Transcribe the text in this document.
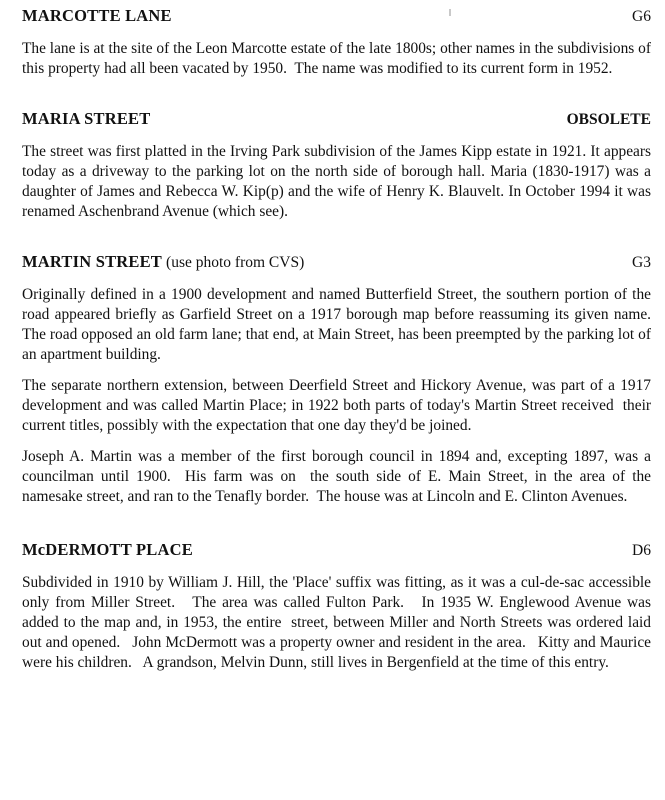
MARCOTTE LANE	G6

The lane is at the site of the Leon Marcotte estate of the late 1800s; other names in the subdivisions of this property had all been vacated by 1950.  The name was modified to its current form in 1952.

MARIA STREET	OBSOLETE

The street was first platted in the Irving Park subdivision of the James Kipp estate in 1921. It appears today as a driveway to the parking lot on the north side of borough hall. Maria (1830-1917) was a daughter of James and Rebecca W. Kip(p) and the wife of Henry K. Blauvelt. In October 1994 it was renamed Aschenbrand Avenue (which see).

MARTIN STREET (use photo from CVS)	G3

Originally defined in a 1900 development and named Butterfield Street, the southern portion of the road appeared briefly as Garfield Street on a 1917 borough map before reassuming its given name.  The road opposed an old farm lane; that end, at Main Street, has been preempted by the parking lot of an apartment building.

The separate northern extension, between Deerfield Street and Hickory Avenue, was part of a 1917 development and was called Martin Place; in 1922 both parts of today's Martin Street received  their current titles, possibly with the expectation that one day they'd be joined.

Joseph A. Martin was a member of the first borough council in 1894 and, excepting 1897, was a councilman until 1900.  His farm was on  the south side of E. Main Street, in the area of the namesake street, and ran to the Tenafly border.  The house was at Lincoln and E. Clinton Avenues.

McDERMOTT PLACE	D6

Subdivided in 1910 by William J. Hill, the 'Place' suffix was fitting, as it was a cul-de-sac accessible only from Miller Street.   The area was called Fulton Park.   In 1935 W. Englewood Avenue was added to the map and, in 1953, the entire  street, between Miller and North Streets was ordered laid out and opened.   John McDermott was a property owner and resident in the area.   Kitty and Maurice were his children.   A grandson, Melvin Dunn, still lives in Bergenfield at the time of this entry.
